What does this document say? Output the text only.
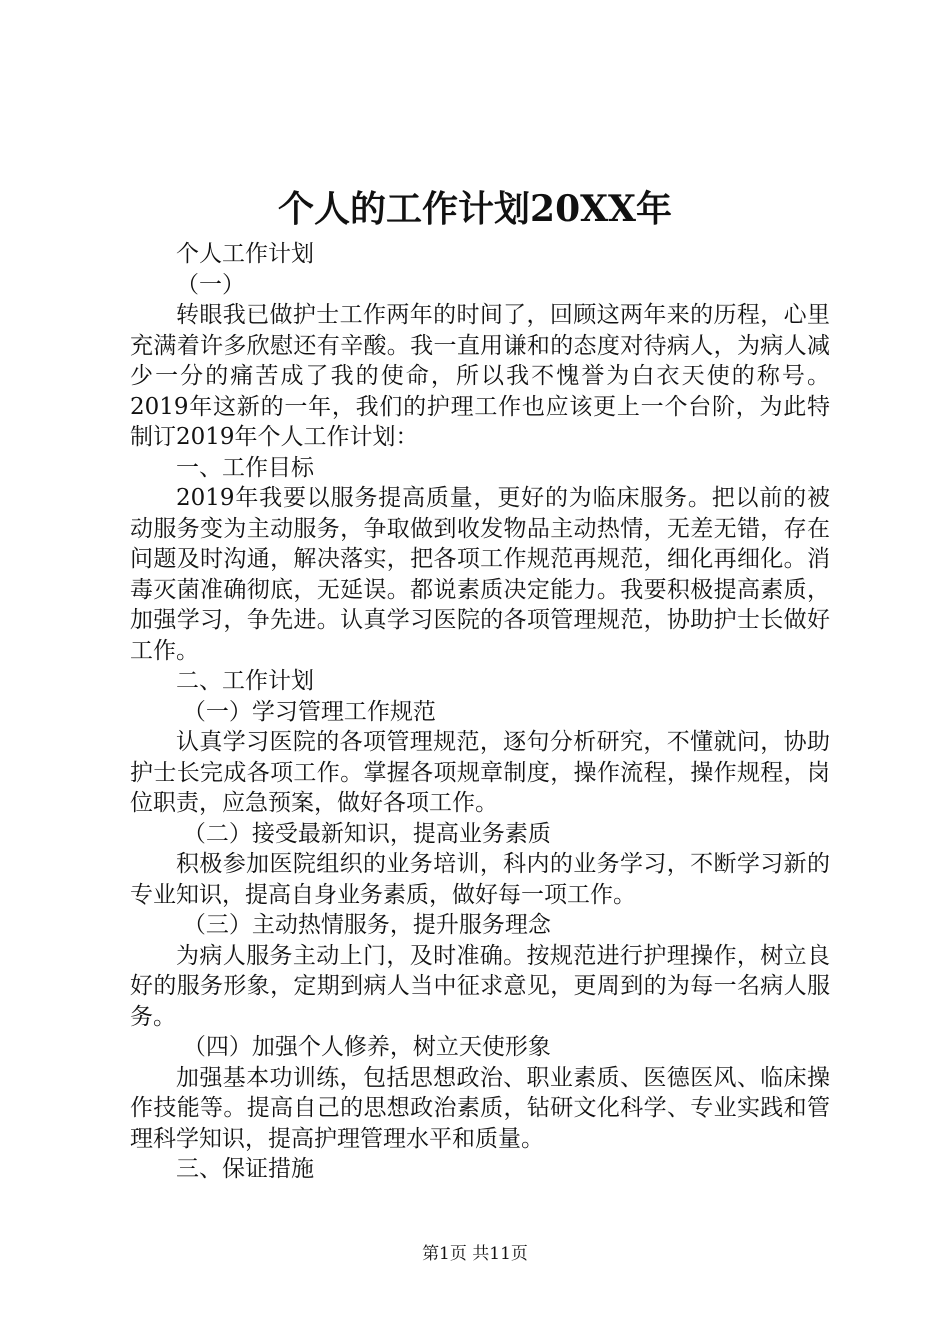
个人的工作计划20XX年

个人工作计划

（一）

转眼我已做护士工作两年的时间了，回顾这两年来的历程，心里充满着许多欣慰还有辛酸。我一直用谦和的态度对待病人，为病人减少一分的痛苦成了我的使命，所以我不愧誉为白衣天使的称号。2019年这新的一年，我们的护理工作也应该更上一个台阶，为此特制订2019年个人工作计划：

一、工作目标

2019年我要以服务提高质量，更好的为临床服务。把以前的被动服务变为主动服务，争取做到收发物品主动热情，无差无错，存在问题及时沟通，解决落实，把各项工作规范再规范，细化再细化。消毒灭菌准确彻底，无延误。都说素质决定能力。我要积极提高素质，加强学习，争先进。认真学习医院的各项管理规范，协助护士长做好工作。

二、工作计划

（一）学习管理工作规范

认真学习医院的各项管理规范，逐句分析研究，不懂就问，协助护士长完成各项工作。掌握各项规章制度，操作流程，操作规程，岗位职责，应急预案，做好各项工作。

（二）接受最新知识，提高业务素质

积极参加医院组织的业务培训，科内的业务学习，不断学习新的专业知识，提高自身业务素质，做好每一项工作。

（三）主动热情服务，提升服务理念

为病人服务主动上门，及时准确。按规范进行护理操作，树立良好的服务形象，定期到病人当中征求意见，更周到的为每一名病人服务。

（四）加强个人修养，树立天使形象

加强基本功训练，包括思想政治、职业素质、医德医风、临床操作技能等。提高自己的思想政治素质，钻研文化科学、专业实践和管理科学知识，提高护理管理水平和质量。

三、保证措施

第1页 共11页
